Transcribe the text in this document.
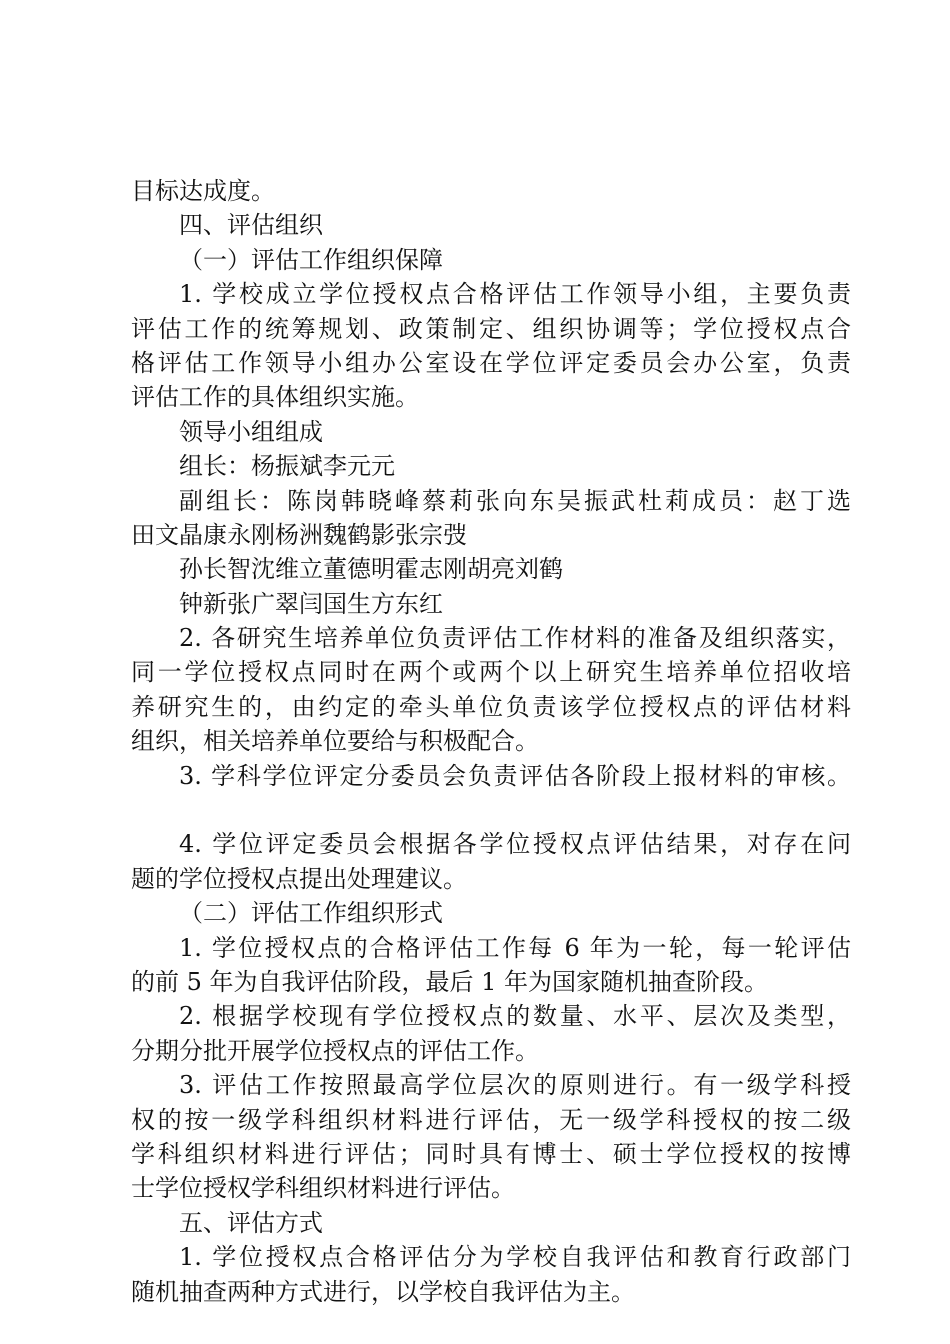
目标达成度。
四、评估组织
（一）评估工作组织保障
1. 学校成立学位授权点合格评估工作领导小组，主要负责
评估工作的统筹规划、政策制定、组织协调等；学位授权点合
格评估工作领导小组办公室设在学位评定委员会办公室，负责
评估工作的具体组织实施。
领导小组组成
组长：杨振斌李元元
副组长：陈岗韩晓峰蔡莉张向东吴振武杜莉成员：赵丁选
田文晶康永刚杨洲魏鹤影张宗弢
孙长智沈维立董德明霍志刚胡亮刘鹤
钟新张广翠闫国生方东红
2. 各研究生培养单位负责评估工作材料的准备及组织落实，
同一学位授权点同时在两个或两个以上研究生培养单位招收培
养研究生的，由约定的牵头单位负责该学位授权点的评估材料
组织，相关培养单位要给与积极配合。
3. 学科学位评定分委员会负责评估各阶段上报材料的审核。
4. 学位评定委员会根据各学位授权点评估结果，对存在问
题的学位授权点提出处理建议。
（二）评估工作组织形式
1. 学位授权点的合格评估工作每 6 年为一轮，每一轮评估
的前 5 年为自我评估阶段，最后 1 年为国家随机抽查阶段。
2. 根据学校现有学位授权点的数量、水平、层次及类型，
分期分批开展学位授权点的评估工作。
3. 评估工作按照最高学位层次的原则进行。有一级学科授
权的按一级学科组织材料进行评估，无一级学科授权的按二级
学科组织材料进行评估；同时具有博士、硕士学位授权的按博
士学位授权学科组织材料进行评估。
五、评估方式
1. 学位授权点合格评估分为学校自我评估和教育行政部门
随机抽查两种方式进行，以学校自我评估为主。
